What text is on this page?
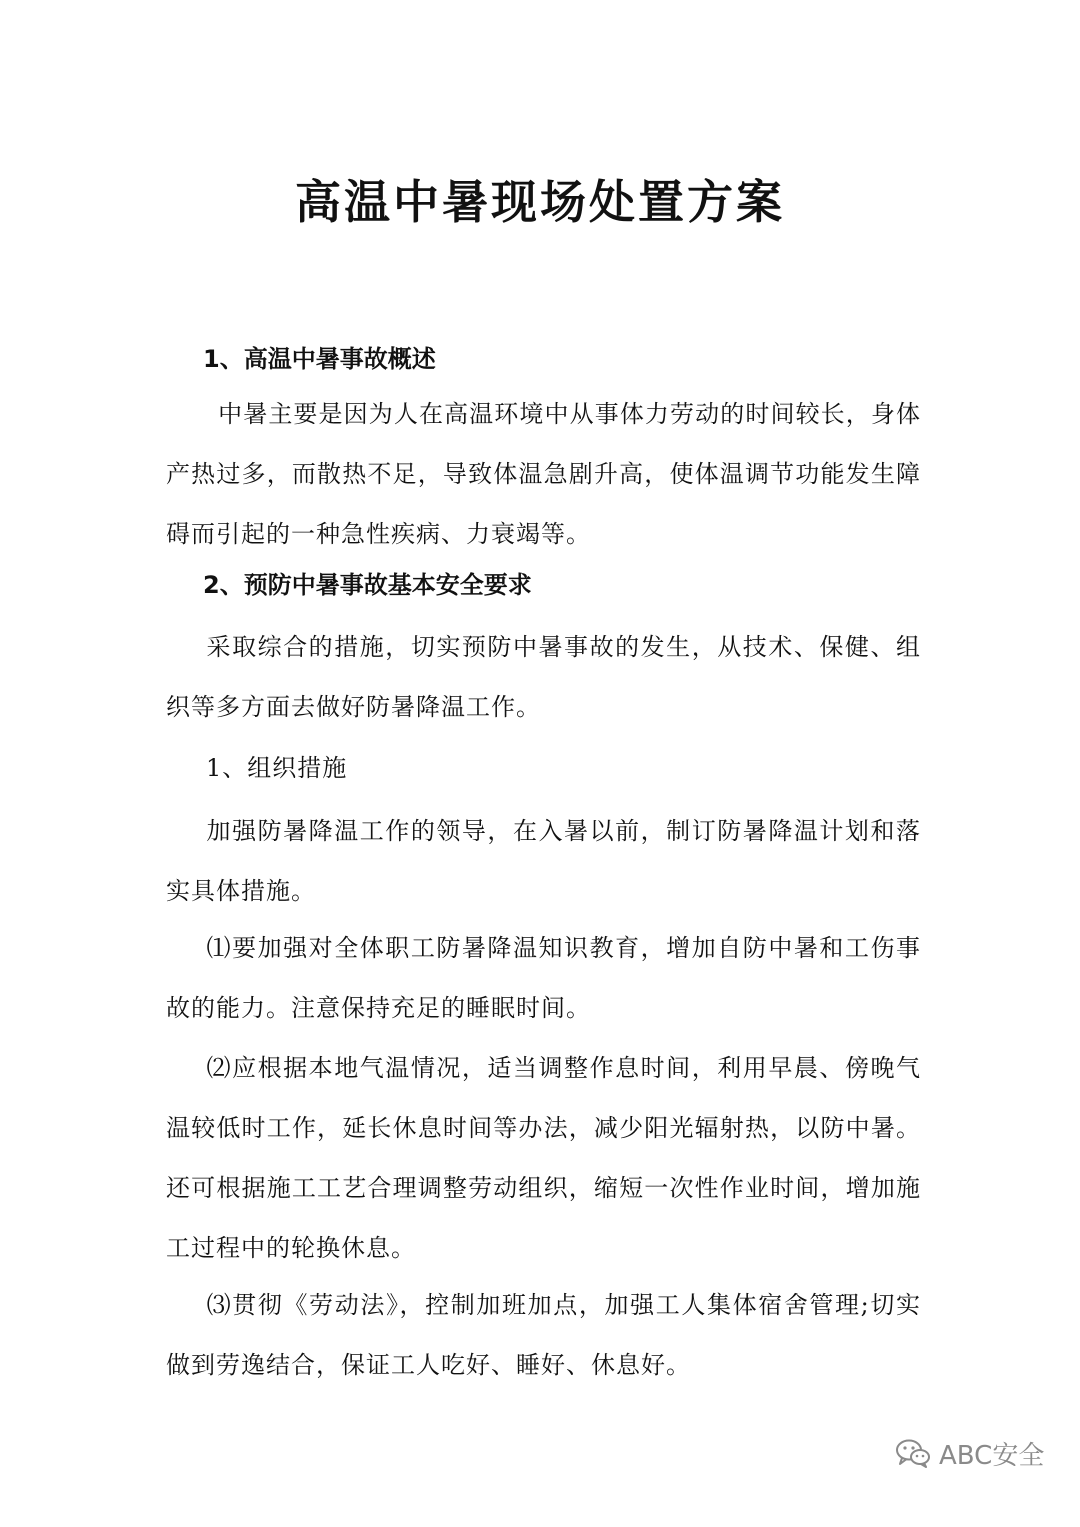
高温中暑现场处置方案
1、高温中暑事故概述
中暑主要是因为人在高温环境中从事体力劳动的时间较长，身体产热过多，而散热不足，导致体温急剧升高，使体温调节功能发生障碍而引起的一种急性疾病、力衰竭等。
2、预防中暑事故基本安全要求
采取综合的措施，切实预防中暑事故的发生，从技术、保健、组织等多方面去做好防暑降温工作。
1、组织措施
加强防暑降温工作的领导，在入暑以前，制订防暑降温计划和落实具体措施。
⑴要加强对全体职工防暑降温知识教育，增加自防中暑和工伤事故的能力。注意保持充足的睡眠时间。
⑵应根据本地气温情况，适当调整作息时间，利用早晨、傍晚气温较低时工作，延长休息时间等办法，减少阳光辐射热，以防中暑。还可根据施工工艺合理调整劳动组织，缩短一次性作业时间，增加施工过程中的轮换休息。
⑶贯彻《劳动法》，控制加班加点，加强工人集体宿舍管理;切实做到劳逸结合，保证工人吃好、睡好、休息好。
ABC安全
